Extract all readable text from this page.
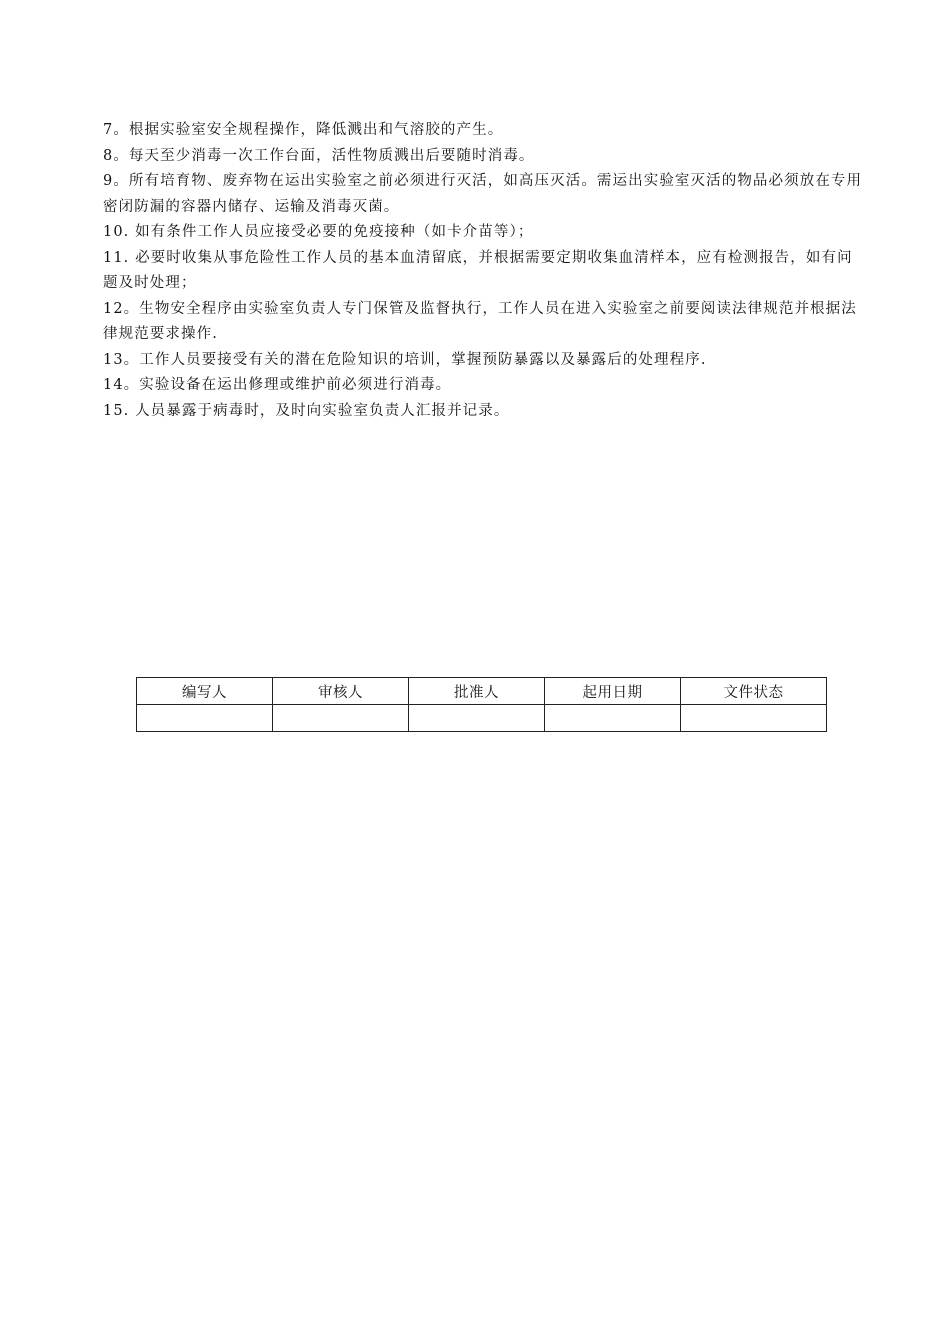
7。根据实验室安全规程操作，降低溅出和气溶胶的产生。

8。每天至少消毒一次工作台面，活性物质溅出后要随时消毒。

9。所有培育物、废弃物在运出实验室之前必须进行灭活，如高压灭活。需运出实验室灭活的物品必须放在专用密闭防漏的容器内储存、运输及消毒灭菌。

10. 如有条件工作人员应接受必要的免疫接种（如卡介苗等）；

11. 必要时收集从事危险性工作人员的基本血清留底，并根据需要定期收集血清样本，应有检测报告，如有问题及时处理；

12。生物安全程序由实验室负责人专门保管及监督执行，工作人员在进入实验室之前要阅读法律规范并根据法律规范要求操作.

13。工作人员要接受有关的潜在危险知识的培训，掌握预防暴露以及暴露后的处理程序.

14。实验设备在运出修理或维护前必须进行消毒。

15. 人员暴露于病毒时，及时向实验室负责人汇报并记录。

编写人	审核人	批准人	起用日期	文件状态
